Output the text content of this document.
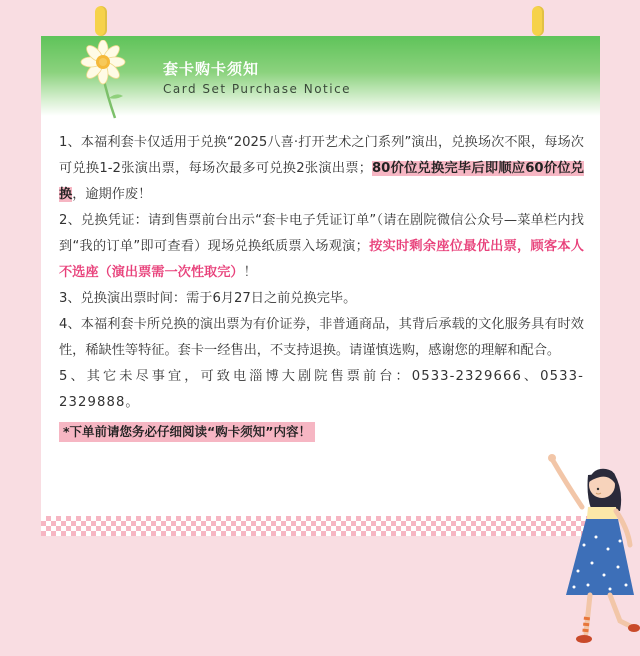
套卡购卡须知
Card Set Purchase Notice

1、本福利套卡仅适用于兑换“2025八喜·打开艺术之门系列”演出，兑换场次不限，每场次可兑换1-2张演出票，每场次最多可兑换2张演出票；80价位兑换完毕后即顺应60价位兑换，逾期作废！

2、兑换凭证：请到售票前台出示“套卡电子凭证订单”（请在剧院微信公众号—菜单栏内找到“我的订单”即可查看）现场兑换纸质票入场观演；按实时剩余座位最优出票，顾客本人不选座（演出票需一次性取完）！

3、兑换演出票时间：需于6月27日之前兑换完毕。

4、本福利套卡所兑换的演出票为有价证券，非普通商品，其背后承载的文化服务具有时效性，稀缺性等特征。套卡一经售出，不支持退换。请谨慎选购，感谢您的理解和配合。

5、其它未尽事宜，可致电淄博大剧院售票前台：0533-2329666、0533-2329888。

*下单前请您务必仔细阅读“购卡须知”内容！
